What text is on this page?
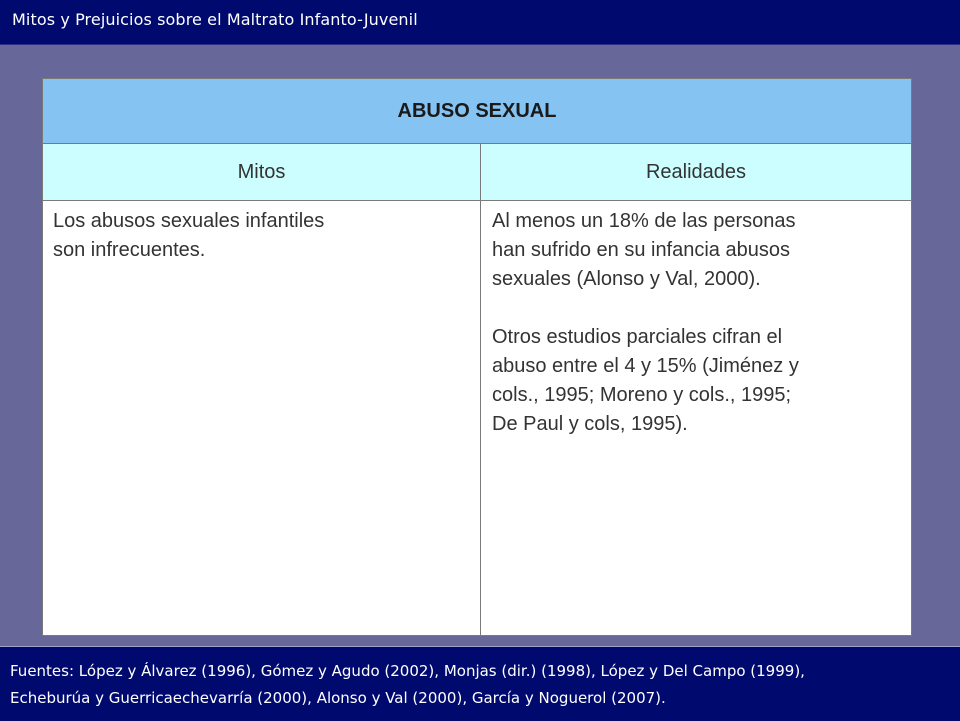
Mitos y Prejuicios sobre el Maltrato Infanto-Juvenil
ABUSO SEXUAL
Mitos	Realidades
Los abusos sexuales infantiles
son infrecuentes.
Al menos un 18% de las personas
han sufrido en su infancia abusos
sexuales (Alonso y Val, 2000).
Otros estudios parciales cifran el
abuso entre el 4 y 15% (Jiménez y
cols., 1995; Moreno y cols., 1995;
De Paul y cols, 1995).
Fuentes: López y Álvarez (1996), Gómez y Agudo (2002), Monjas (dir.) (1998), López y Del Campo (1999),
Echeburúa y Guerricaechevarría (2000), Alonso y Val (2000), García y Noguerol (2007).
